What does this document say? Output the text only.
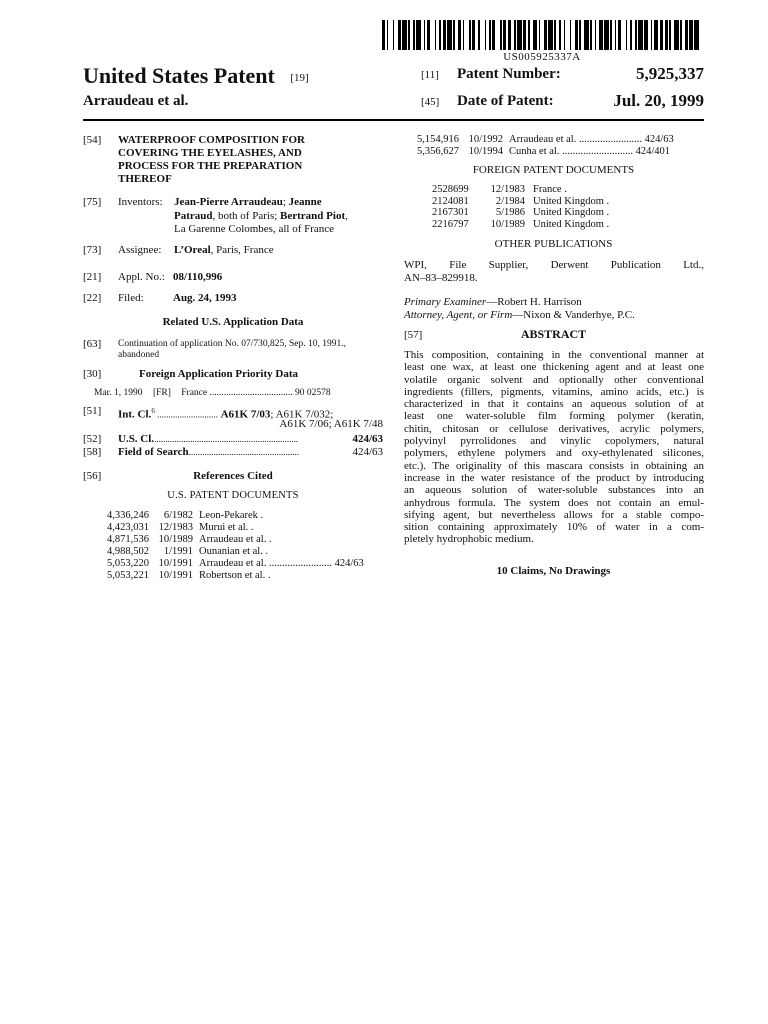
US005925337A
United States Patent [19]
Arraudeau et al.
[11] Patent Number:	5,925,337
[45] Date of Patent:	Jul. 20, 1999
[54] WATERPROOF COMPOSITION FOR
COVERING THE EYELASHES, AND
PROCESS FOR THE PREPARATION
THEREOF
[75] Inventors: Jean-Pierre Arraudeau; Jeanne
Patraud, both of Paris; Bertrand Piot,
La Garenne Colombes, all of France
[73] Assignee: L’Oreal, Paris, France
[21] Appl. No.: 08/110,996
[22] Filed:	Aug. 24, 1993
Related U.S. Application Data
[63] Continuation of application No. 07/730,825, Sep. 10, 1991.,
abandoned
[30]	Foreign Application Priority Data
Mar. 1, 1990 [FR] France ................................... 90 02578
[51] Int. Cl.$^6$ ........................... A61K 7/03; A61K 7/032;
A61K 7/06; A61K 7/48
[52] U.S. Cl. ................................................................	424/63
[58] Field of Search .................................................	424/63
[56]	References Cited
U.S. PATENT DOCUMENTS
4,336,246	6/1982 Leon-Pekarek .
4,423,031 12/1983 Murui et al. .
4,871,536 10/1989 Arraudeau et al. .
4,988,502	1/1991 Ounanian et al. .
5,053,220 10/1991 Arraudeau et al. ........................ 424/63
5,053,221 10/1991 Robertson et al. .
5,154,916 10/1992 Arraudeau et al. ........................ 424/63
5,356,627 10/1994 Cunha et al. ........................... 424/401
FOREIGN PATENT DOCUMENTS
2528699	12/1983 France .
2124081	2/1984 United Kingdom .
2167301	5/1986 United Kingdom .
2216797	10/1989 United Kingdom .
OTHER PUBLICATIONS
WPI, File Supplier, Derwent Publication Ltd.,
AN–83–829918.
Primary Examiner—Robert H. Harrison
Attorney, Agent, or Firm—Nixon & Vanderhye, P.C.
[57]	ABSTRACT
This composition, containing in the conventional manner at
least one wax, at least one thickening agent and at least one
volatile organic solvent and optionally other conventional
ingredients (fillers, pigments, vitamins, amino acids, etc.) is
characterized in that it contains an aqueous solution of at
least one water-soluble film forming polymer (keratin,
chitin, chitosan or cellulose derivatives, acrylic polymers,
polyvinyl pyrrolidones and vinylic copolymers, natural
polymers, ethylene polymers and oxy-ethylenated silicones,
etc.). The originality of this mascara consists in obtaining an
increase in the water resistance of the product by introducing
an aqueous solution of water-soluble substances into an
anhydrous formula. The system does not contain an emul-
sifying agent, but nevertheless allows for a stable compo-
sition containing approximately 10% of water in a com-
pletely hydrophobic medium.
10 Claims, No Drawings
